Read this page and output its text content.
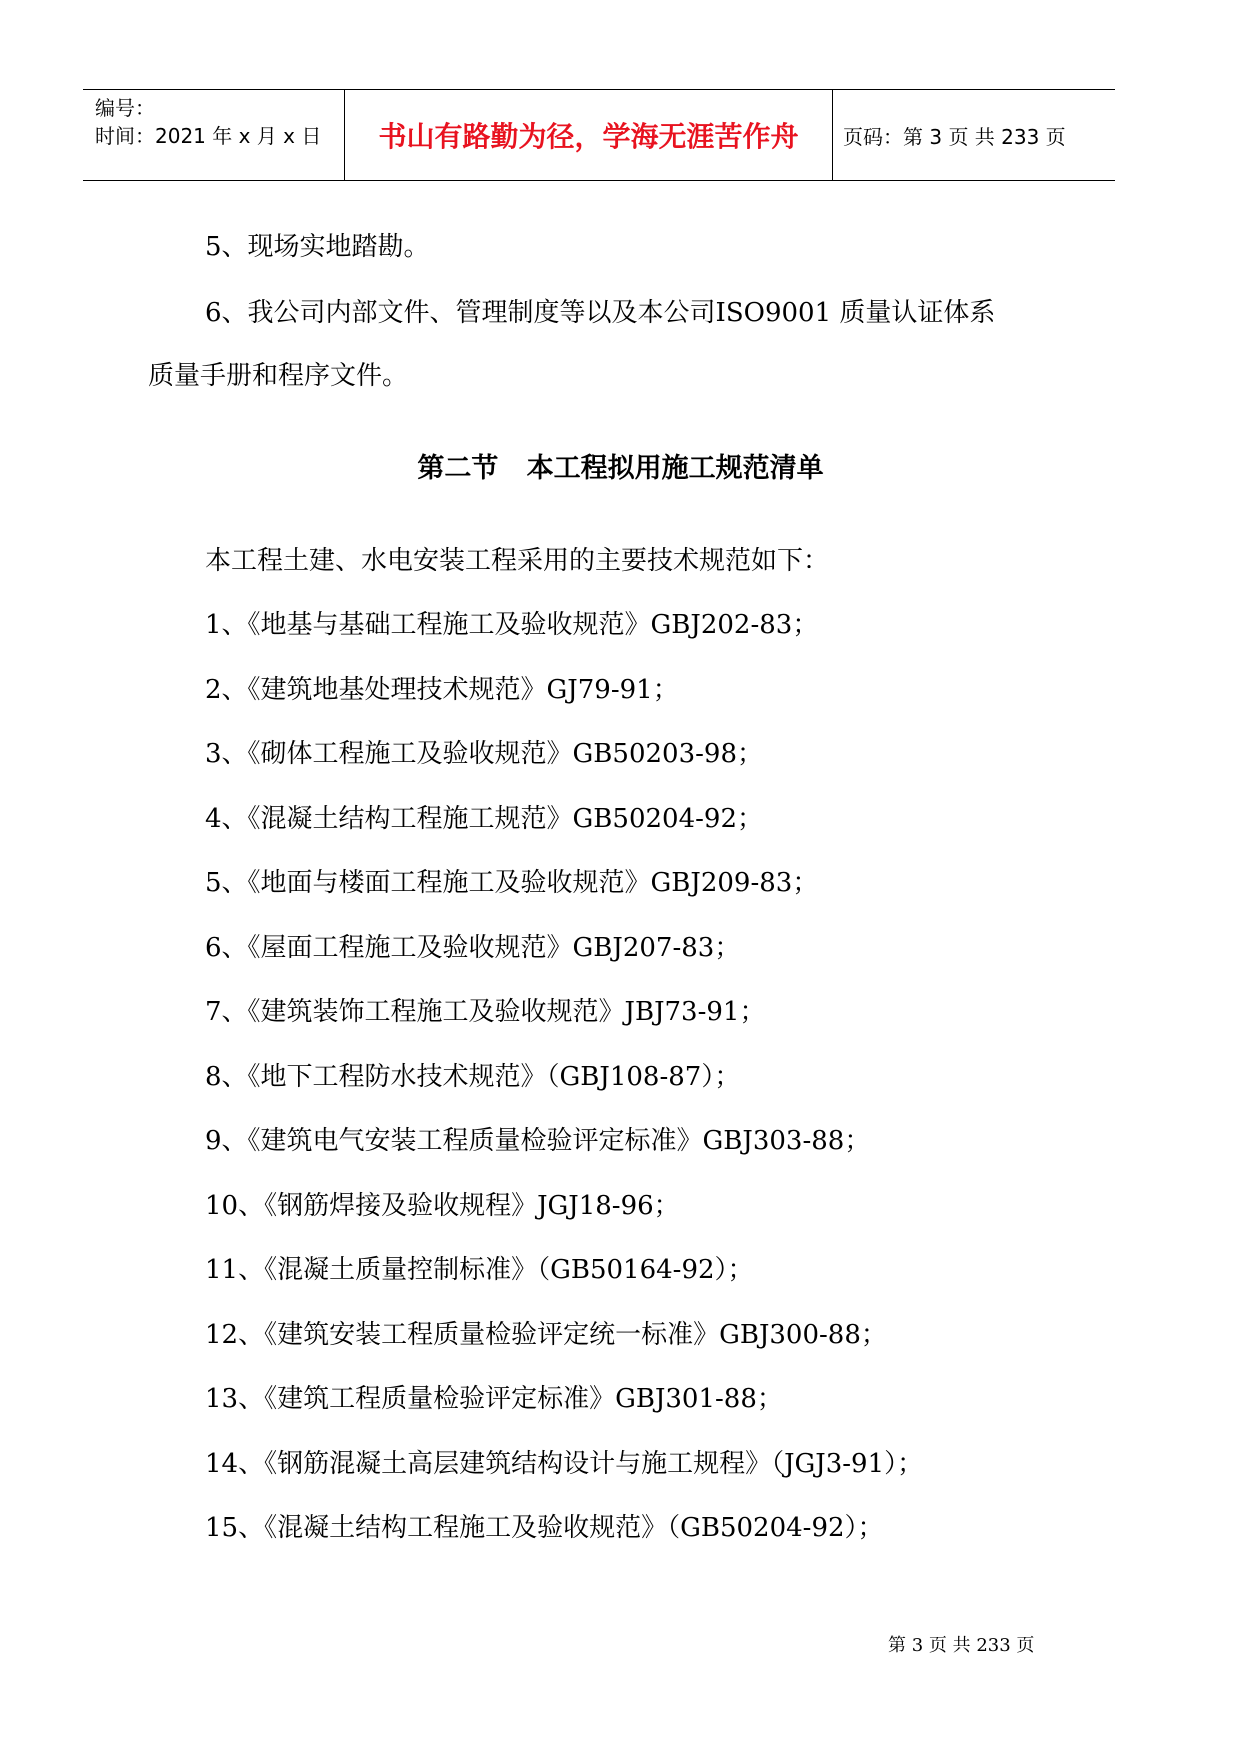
编号：
时间：2021 年 x 月 x 日	书山有路勤为径，学海无涯苦作舟	页码：第 3 页 共 233 页
5、现场实地踏勘。
6、我公司内部文件、管理制度等以及本公司ISO9001 质量认证体系
质量手册和程序文件。
第二节   本工程拟用施工规范清单
本工程土建、水电安装工程采用的主要技术规范如下：
1、《地基与基础工程施工及验收规范》GBJ202-83；
2、《建筑地基处理技术规范》GJ79-91；
3、《砌体工程施工及验收规范》GB50203-98；
4、《混凝土结构工程施工规范》GB50204-92；
5、《地面与楼面工程施工及验收规范》GBJ209-83；
6、《屋面工程施工及验收规范》GBJ207-83；
7、《建筑装饰工程施工及验收规范》JBJ73-91；
8、《地下工程防水技术规范》（GBJ108-87）；
9、《建筑电气安装工程质量检验评定标准》GBJ303-88；
10、《钢筋焊接及验收规程》JGJ18-96；
11、《混凝土质量控制标准》（GB50164-92）；
12、《建筑安装工程质量检验评定统一标准》GBJ300-88；
13、《建筑工程质量检验评定标准》GBJ301-88；
14、《钢筋混凝土高层建筑结构设计与施工规程》（JGJ3-91）；
15、《混凝土结构工程施工及验收规范》（GB50204-92）；
第 3 页 共 233 页
